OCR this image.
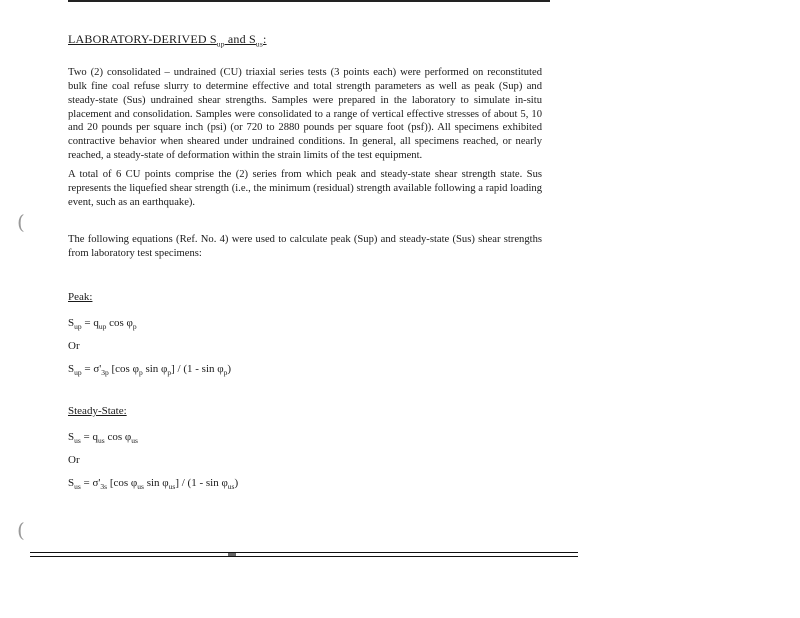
(
(
LABORATORY-DERIVED $S_{up}$ and $S_{us}$:

Two (2) consolidated – undrained (CU) triaxial series tests (3 points each) were performed on reconstituted bulk fine coal refuse slurry to determine effective and total strength parameters as well as peak (Sup) and steady-state (Sus) undrained shear strengths. Samples were prepared in the laboratory to simulate in-situ placement and consolidation. Samples were consolidated to a range of vertical effective stresses of about 5, 10 and 20 pounds per square inch (psi) (or 720 to 2880 pounds per square foot (psf)). All specimens exhibited contractive behavior when sheared under undrained conditions. In general, all specimens reached, or nearly reached, a steady-state of deformation within the strain limits of the test equipment.

A total of 6 CU points comprise the (2) series from which peak and steady-state shear strength state. Sus represents the liquefied shear strength (i.e., the minimum (residual) strength available following a rapid loading event, such as an earthquake).

The following equations (Ref. No. 4) were used to calculate peak (Sup) and steady-state (Sus) shear strengths from laboratory test specimens:

Peak:
$S_{up} = q_{up}$ $\cos \varphi_p$
Or
$S_{up} = \sigma'_{3p}$ [cos $\varphi_p$ $\sin \varphi_p] / (1$ - $\sin \varphi_p$)
Steady-State:
$S_{us} = q_{us}$ $\cos \varphi_{us}$
Or
$S_{us} = \sigma'_{3s}$ [cos $\varphi_{us}$ $\sin \varphi_{us}] / (1$ - $\sin \varphi_{us}$)
